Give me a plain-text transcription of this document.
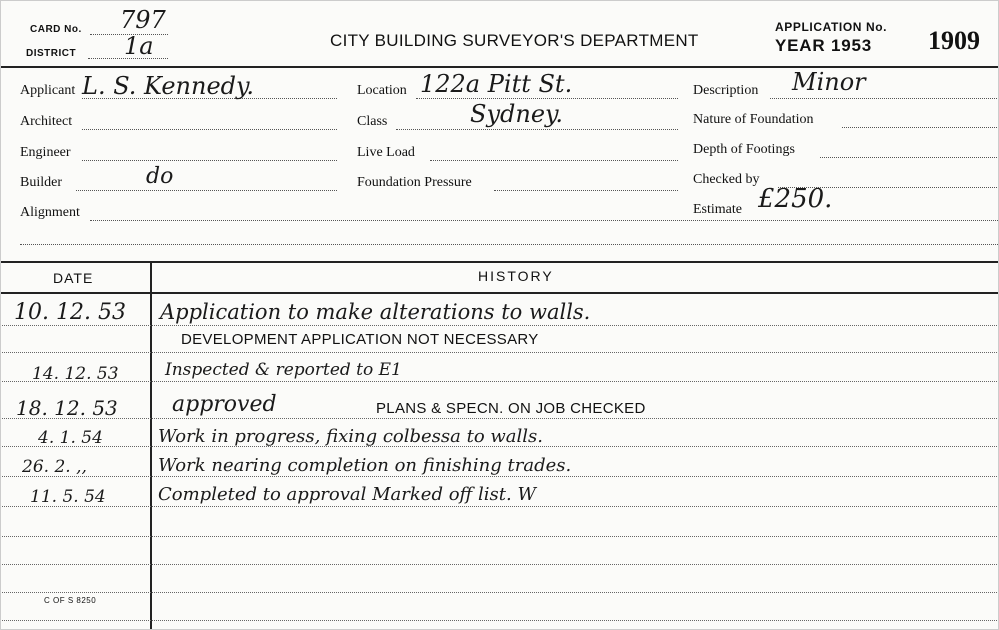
CARD No. 797
DISTRICT 1a	CITY BUILDING SURVEYOR'S DEPARTMENT
APPLICATION No.
YEAR 1953 1909
Applicant L. S. Kennedy.
Architect
Engineer
Builder	do
Alignment
Location 122a Pitt St.
Class	Sydney.
Live Load
Foundation Pressure
Description Minor
Nature of Foundation
Depth of Footings
Checked by
Estimate £250.
DATE	HISTORY
10. 12. 53 Application to make alterations to walls.
DEVELOPMENT APPLICATION NOT NECESSARY
14. 12. 53	Inspected & reported to E1
18. 12. 53 approved	PLANS & SPECN. ON JOB CHECKED
4. 1. 54	Work in progress, fixing colbessa to walls.
26. 2. ,,	Work nearing completion on finishing trades.
11. 5. 54	Completed to approval Marked off list. W
C OF S 8250
